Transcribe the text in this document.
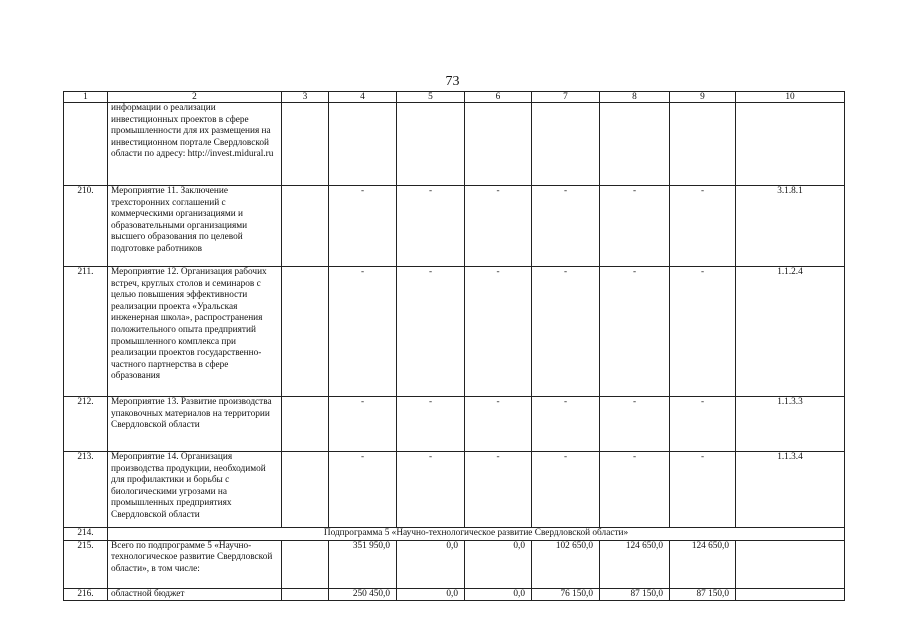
73
1	2	3	4	5	6	7	8	9	10
	информации о реализации инвестиционных проектов в сфере промышленности для их размещения на инвестиционном портале Свердловской области по адресу: http://invest.midural.ru								
210.	Мероприятие 11. Заключение трехсторонних соглашений с коммерческими организациями и образовательными организациями высшего образования по целевой подготовке работников		-	-	-	-	-	-	3.1.8.1
211.	Мероприятие 12. Организация рабочих встреч, круглых столов и семинаров с целью повышения эффективности реализации проекта «Уральская инженерная школа», распространения положительного опыта предприятий промышленного комплекса при реализации проектов государственно-частного партнерства в сфере образования		-	-	-	-	-	-	1.1.2.4
212.	Мероприятие 13. Развитие производства упаковочных материалов на территории Свердловской области		-	-	-	-	-	-	1.1.3.3
213.	Мероприятие 14. Организация производства продукции, необходимой для профилактики и борьбы с биологическими угрозами на промышленных предприятиях Свердловской области		-	-	-	-	-	-	1.1.3.4
214.	Подпрограмма 5 «Научно-технологическое развитие Свердловской области»								
215.	Всего по подпрограмме 5 «Научно-технологическое развитие Свердловской области», в том числе:		351 950,0	0,0	0,0	102 650,0	124 650,0	124 650,0	
216.	областной бюджет		250 450,0	0,0	0,0	76 150,0	87 150,0	87 150,0	
